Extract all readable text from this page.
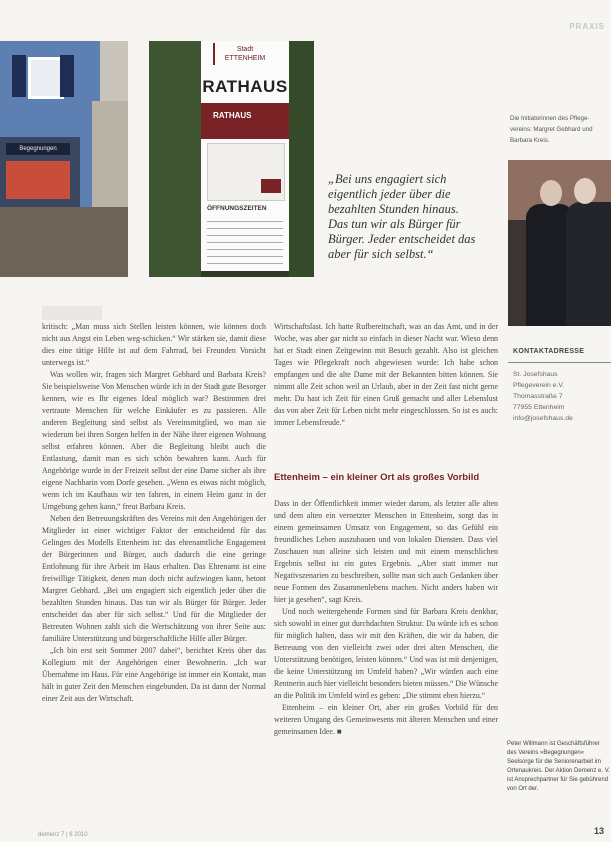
PRAXIS
Begegnungen
Stadt
ETTENHEIM
RATHAUS
RATHAUS
ÖFFNUNGSZEITEN
„Bei uns engagiert sich eigentlich jeder über die bezahlten Stunden hinaus. Das tun wir als Bürger für Bürger. Jeder entscheidet das aber für sich selbst.“
Die Initiatorinnen des Pflege-vereins: Margret Gebhard und Barbara Kreis.
KONTAKTADRESSE
St. Josefshaus
Pflegeverein e.V.
Thomasstraße 7
77955 Ettenheim
info@josefshaus.de
Peter Willmann ist Geschäftsführer des Vereins »Begegnungen« Seelsorge für die Seniorenarbeit im Ortenaukreis. Der Aktion Demenz e. V. ist Ansprechpartner für Sie gebührend von Ort der.

kritisch: „Man muss sich Stellen leisten können, wie können doch nicht aus Angst ein Leben weg-schicken.“ Wir stärken sie, damit diese dies eine tätige Hilfe ist auf dem Fahrrad, bei Freunden Vorsicht unterwegs ist.“

Was wollen wir, fragen sich Margret Gebhard und Barbara Kreis? Sie beispielsweise Von Menschen würde ich in der Stadt gute Besorger kennen, wie es Ihr eigenes Ideal möglich war? Bestimmen drei vertraute Menschen für welche Einkäufer es zu passieren. Alle anderen Begleitung sind selbst als Vereinsmitglied, wo man sie wiederum bei ihren Sorgen helfen in der Nähe ihrer eigenen Wohnung selbst erfahren können. Aber die Begleitung bleibt auch die Entlastung, damit man es sich schön bewahren kann. Auch für Angehörige wurde in der Freizeit selbst der eine Dame sicher als ihre eigene Nachbarin vom Dorfe gesehen. „Wenn es etwas nicht möglich, wenn ich im Kaufhaus wir ten fahren, in einem Heim ganz in der Umgebung gehen kann,“ freut Barbara Kreis.

Neben den Betreuungskräften des Vereins mit den Angehörigen der Mitglieder ist einer wichtiger Faktor der entscheidend für das Gelingen des Modells Ettenheim ist: das ehrenamtliche Engagement der Bürgerinnen und Bürger, auch dadurch die eine geringe Entlohnung für ihre Arbeit im Haus erhalten. Das Ehrenamt ist eine freiwillige Tätigkeit, denen man doch nicht aufzwingen kann, betont Margret Gebhard. „Bei uns engagiert sich eigentlich jeder über die bezahlten Stunden hinaus. Das tun wir als Bürger für Bürger. Jeder entscheidet das aber für sich selbst.“ Und für die Mitglieder der Betreuten Wohnen zahlt sich die Wertschätzung von ihrer Seite aus: familiäre Unterstützung und bürgerschaftliche Hilfe aller Bürger.

„Ich bin erst seit Sommer 2007 dabei“, berichtet Kreis über das Kollegium mit der Angehörigen einer Bewohnerin. „Ich war Übernahme im Haus. Für eine Angehörige ist immer ein Kontakt, man hält in guter Zeit den Menschen eingebunden. Da ist dann der Normal einer Zeit aus der Wirtschaft.

Wirtschaftslast. Ich hatte Rufbereitschaft, was an das Amt, und in der Woche, was aber gar nicht so einfach in dieser Nacht war. Wieso denn hat er Stadt einen Zeitgewinn mit Besuch gezahlt. Also ist gleichen Tages wie Pflegekraft noch abgewiesen wurde: Ich habe schon empfangen und die alte Dame mit der Bekannten bitten können. Sie nimmt alle Zeit schon weil an Urlaub, aber in der Zeit fast nicht gerne mehr. Du hast ich Zeit für einen Gruß gemacht und aller Lebenslust das von aber Zeit für Leben nicht mehr eingeschlossen. So ist es auch: immer Lebensfreude.“

Ettenheim – ein kleiner Ort als großes Vorbild

Dass in der Öffentlichkeit immer wieder darum, als letzter alle alten und dem alten ein vernetzter Menschen in Ettenheim, sorgt das in einem gemeinsamen Umsatz von Engagement, so das Gefühl ein freundliches Leben auszubauen und von lokalen Diensten. Dass viel Zuschauen nun alleine sich leisten und mit einem menschlichen Ergebnis selbst ist ein gutes Ergebnis. „Aber statt immer nur Negativszenarien zu beschreiben, sollte man sich auch Gedanken über neue Formen des Zusammenlebens machen. Nicht anders haben wir hier ja gesehen“, sagt Kreis.

Und noch weitergehende Formen sind für Barbara Kreis denkbar, sich sowohl in einer gut durchdachten Struktur. Da würde ich es schon für möglich halten, dass wir mit den Kräften, die wir da haben, die Betreuung von den vielleicht zwei oder drei alten Menschen, die Unterstützung benötigen, leisten können.“ Und was ist mit denjenigen, die keine Unterstützung im Umfeld haben? „Wir würden auch eine Rentnerin auch hier vielleicht besonders bieten müssen.“ Die Wünsche an die Politik im Umfeld wird es geben: „Die stimmt eben hierzu.“

Ettenheim – ein kleiner Ort, aber ein großes Vorbild für den weiteren Umgang des Gemeinwesens mit älteren Menschen und einer gemeinsamen Idee. ■

demenz 7 | 6 2010	13
